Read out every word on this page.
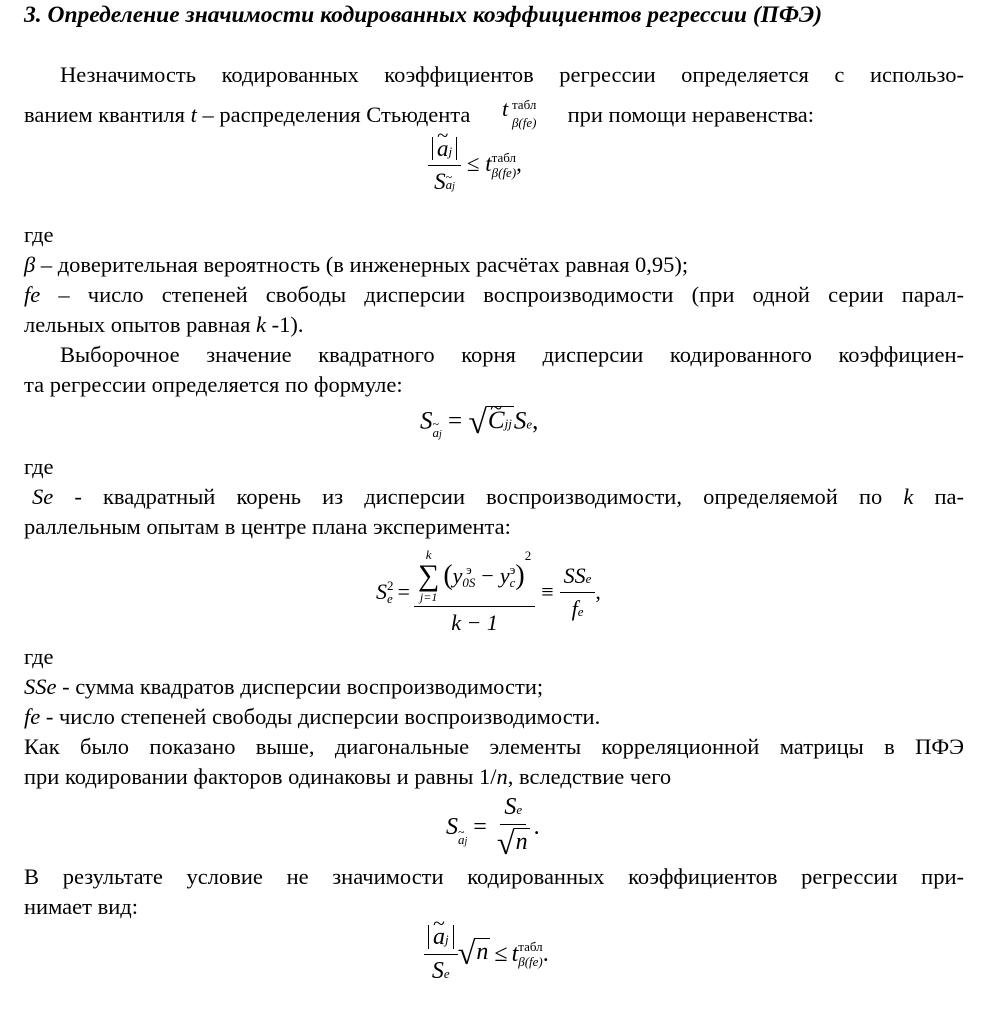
3. Определение значимости кодированных коэффициентов регрессии (ПФЭ)
Незначимость кодированных коэффициентов регрессии определяется с использо-
ванием квантиля t – распределения Стьюдента t табл
β(fe) при помощи неравенства:
~ $\frac{aj}{S\sim aj} \le t$ табл
β(fe) ,
где
β – доверительная вероятность (в инженерных расчётах равная 0,95);
fe – число степеней свободы дисперсии воспроизводимости (при одной серии парал-
лельных опытов равная k -1).
Выборочное значение квадратного корня дисперсии кодированного коэффициен-
та регрессии определяется по формуле:
S~ $_{aj}$ = √
~ Cjj Se,
где
Se - квадратный корень из дисперсии воспроизводимости, определяемой по k па-
раллельным опытам в центре плана эксперимента:
S 2
e =
k
∑
j=1
( y э
0S − y э
c )
2
k − 1
≡ $\frac{\text{SSe}}{fe}$ ,
где
SSe - сумма квадратов дисперсии воспроизводимости;
fe - число степеней свободы дисперсии воспроизводимости.
Как было показано выше, диагональные элементы корреляционной матрицы в ПФЭ
при кодировании факторов одинаковы и равны 1/n, вследствие чего
S
~ aj
= $\frac{Se}{√ n}$ .
В результате условие не значимости кодированных коэффициентов регрессии при-
нимает вид:
~ $\frac{aj}{Se}$ √ n ≤ t табл
β(fe) .
